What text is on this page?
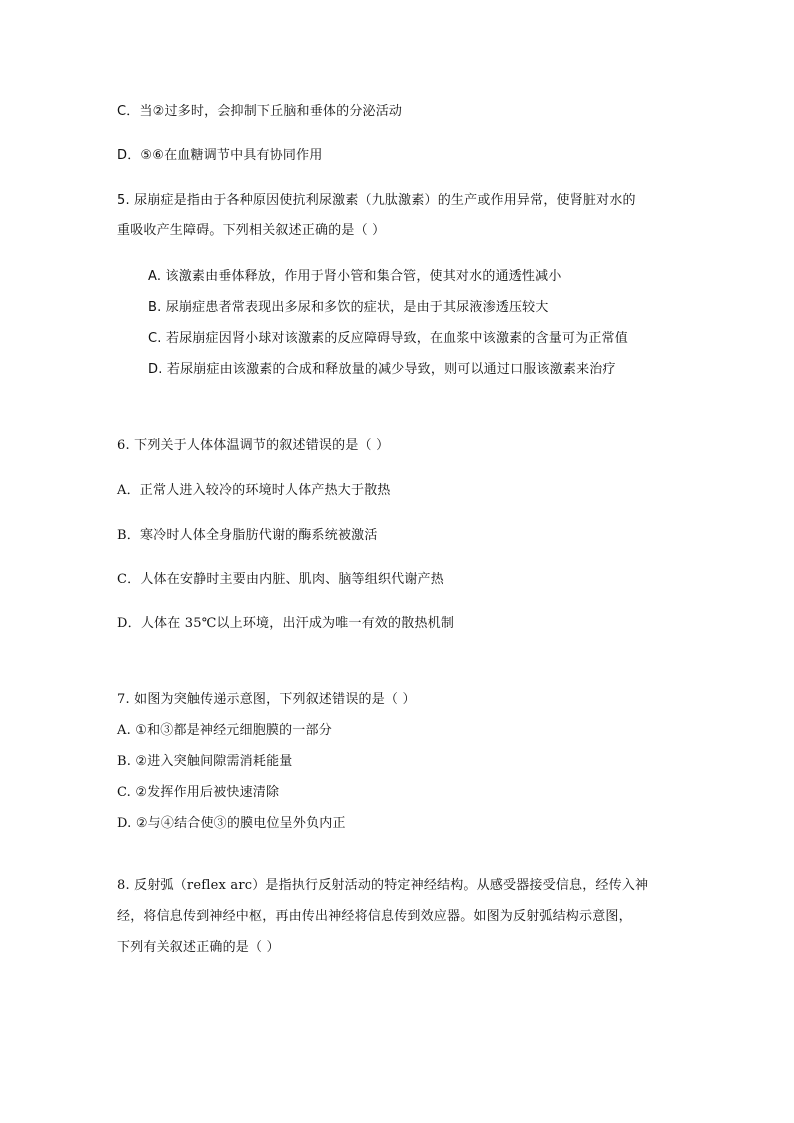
C．当②过多时，会抑制下丘脑和垂体的分泌活动
D．⑤⑥在血糖调节中具有协同作用
5. 尿崩症是指由于各种原因使抗利尿激素（九肽激素）的生产或作用异常，使肾脏对水的
重吸收产生障碍。下列相关叙述正确的是（ ）
A. 该激素由垂体释放，作用于肾小管和集合管，使其对水的通透性减小
B. 尿崩症患者常表现出多尿和多饮的症状，是由于其尿液渗透压较大
C. 若尿崩症因肾小球对该激素的反应障碍导致，在血浆中该激素的含量可为正常值
D. 若尿崩症由该激素的合成和释放量的减少导致，则可以通过口服该激素来治疗
6. 下列关于人体体温调节的叙述错误的是（ ）
A．正常人进入较冷的环境时人体产热大于散热
B．寒冷时人体全身脂肪代谢的酶系统被激活
C．人体在安静时主要由内脏、肌肉、脑等组织代谢产热
D．人体在 35℃以上环境，出汗成为唯一有效的散热机制
7. 如图为突触传递示意图，下列叙述错误的是（ ）
A. ①和③都是神经元细胞膜的一部分
B. ②进入突触间隙需消耗能量
C. ②发挥作用后被快速清除
D. ②与④结合使③的膜电位呈外负内正
8. 反射弧（reflex arc）是指执行反射活动的特定神经结构。从感受器接受信息，经传入神
经，将信息传到神经中枢，再由传出神经将信息传到效应器。如图为反射弧结构示意图，
下列有关叙述正确的是（ ）
